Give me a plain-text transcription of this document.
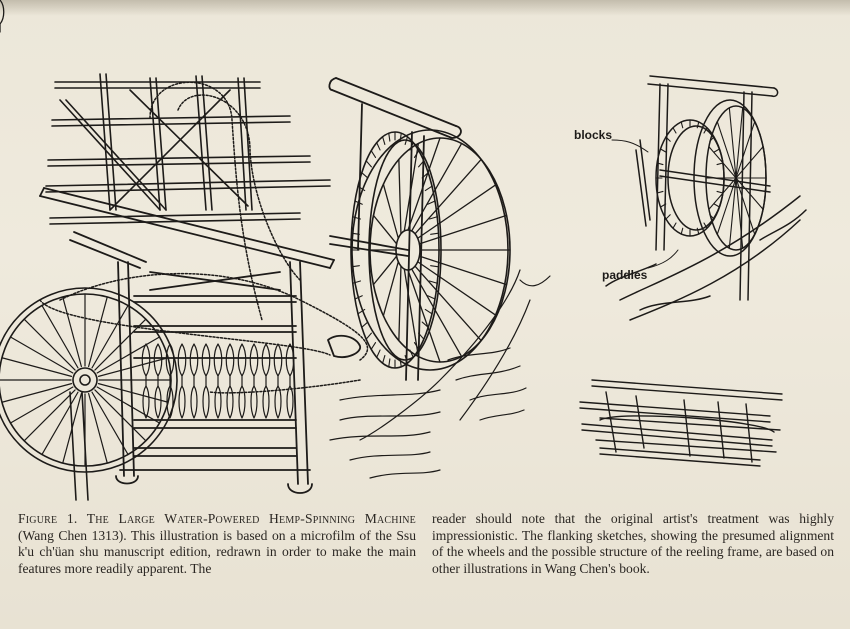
blocks
paddles
Figure 1. The Large Water-Powered Hemp-Spinning Machine (Wang Chen 1313). This illustration is based on a microfilm of the Ssu k'u ch'üan shu manuscript edition, redrawn in order to make the main features more readily apparent. The
reader should note that the original artist's treatment was highly impressionistic. The flanking sketches, showing the presumed alignment of the wheels and the possible structure of the reeling frame, are based on other illustrations in Wang Chen's book.
